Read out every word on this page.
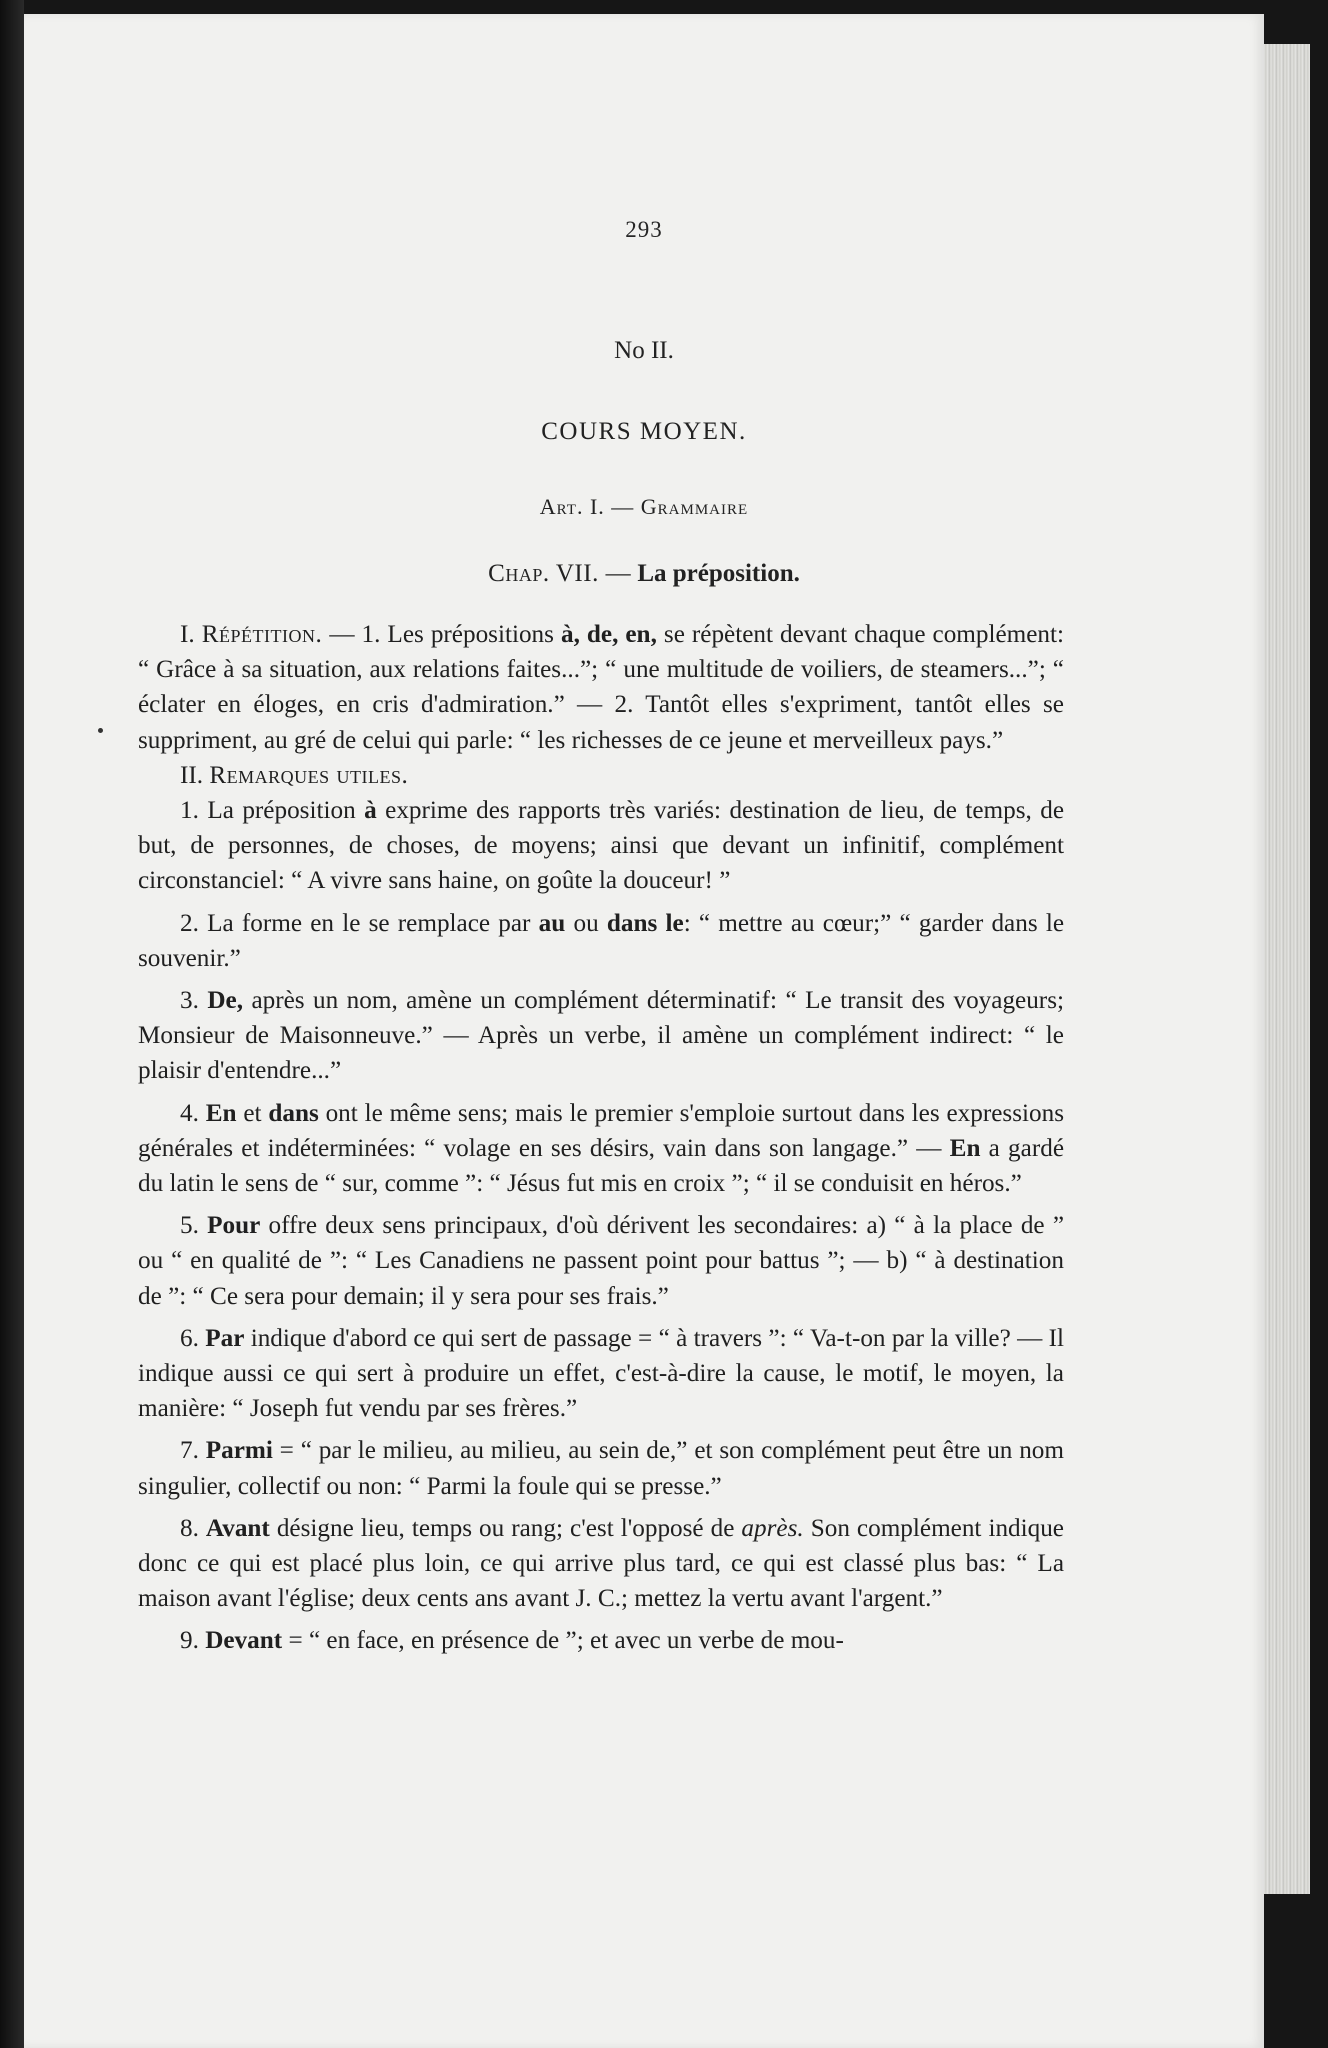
293
No II.
COURS MOYEN.
Art. I. — Grammaire
Chap. VII. — La préposition.

I. Répétition. — 1. Les prépositions à, de, en, se répètent devant chaque complément: “ Grâce à sa situation, aux relations faites...”; “ une multitude de voiliers, de steamers...”; “ éclater en éloges, en cris d'admiration.” — 2. Tantôt elles s'expriment, tantôt elles se suppriment, au gré de celui qui parle: “ les richesses de ce jeune et merveilleux pays.”

II. Remarques utiles.

1. La préposition à exprime des rapports très variés: destination de lieu, de temps, de but, de personnes, de choses, de moyens; ainsi que devant un infinitif, complément circonstanciel: “ A vivre sans haine, on goûte la douceur! ”

2. La forme en le se remplace par au ou dans le: “ mettre au cœur;” “ garder dans le souvenir.”

3. De, après un nom, amène un complément déterminatif: “ Le transit des voyageurs; Monsieur de Maisonneuve.” — Après un verbe, il amène un complément indirect: “ le plaisir d'entendre...”

4. En et dans ont le même sens; mais le premier s'emploie surtout dans les expressions générales et indéterminées: “ volage en ses désirs, vain dans son langage.” — En a gardé du latin le sens de “ sur, comme ”: “ Jésus fut mis en croix ”; “ il se conduisit en héros.”

5. Pour offre deux sens principaux, d'où dérivent les secondaires: a) “ à la place de ” ou “ en qualité de ”: “ Les Canadiens ne passent point pour battus ”; — b) “ à destination de ”: “ Ce sera pour demain; il y sera pour ses frais.”

6. Par indique d'abord ce qui sert de passage = “ à travers ”: “ Va-t-on par la ville? — Il indique aussi ce qui sert à produire un effet, c'est-à-dire la cause, le motif, le moyen, la manière: “ Joseph fut vendu par ses frères.”

7. Parmi = “ par le milieu, au milieu, au sein de,” et son complément peut être un nom singulier, collectif ou non: “ Parmi la foule qui se presse.”

8. Avant désigne lieu, temps ou rang; c'est l'opposé de après. Son complément indique donc ce qui est placé plus loin, ce qui arrive plus tard, ce qui est classé plus bas: “ La maison avant l'église; deux cents ans avant J. C.; mettez la vertu avant l'argent.”

9. Devant = “ en face, en présence de ”; et avec un verbe de mou-
